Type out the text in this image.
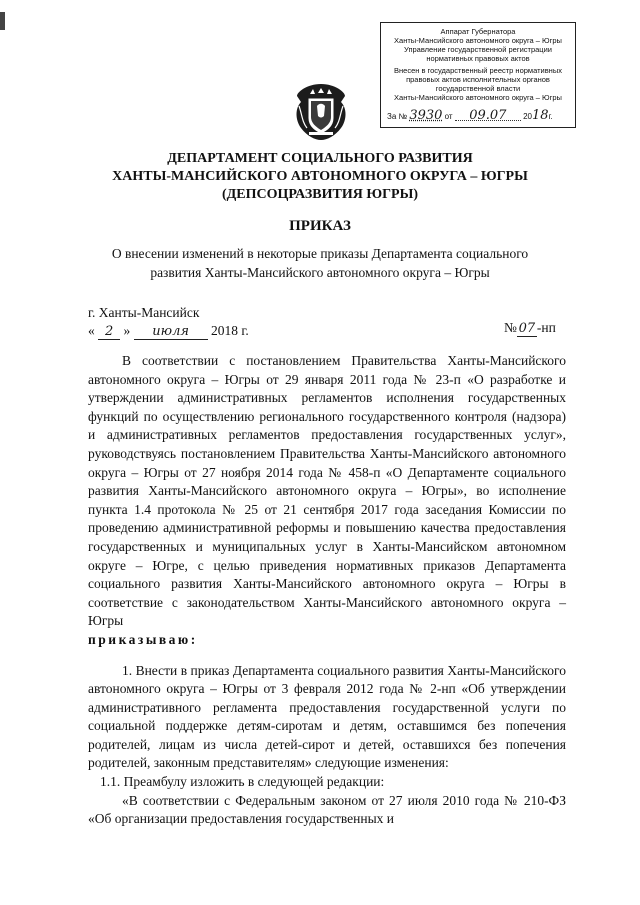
Аппарат Губернатора
Ханты-Мансийского автономного округа – Югры
Управление государственной регистрации
нормативных правовых актов
Внесен в государственный реестр нормативных
правовых актов исполнительных органов
государственной власти
Ханты-Мансийского автономного округа – Югры
За № 3930 от 09.07 2018г.
ДЕПАРТАМЕНТ СОЦИАЛЬНОГО РАЗВИТИЯ
ХАНТЫ-МАНСИЙСКОГО АВТОНОМНОГО ОКРУГА – ЮГРЫ
(ДЕПСОЦРАЗВИТИЯ ЮГРЫ)
ПРИКАЗ
О внесении изменений в некоторые приказы Департамента социального
развития Ханты-Мансийского автономного округа – Югры
г. Ханты-Мансийск
« 2 » июля 2018 г.	№ 07 -нп

В соответствии с постановлением Правительства Ханты-Мансийского автономного округа – Югры от 29 января 2011 года № 23-п «О разработке и утверждении административных регламентов исполнения государственных функций по осуществлению регионального государственного контроля (надзора) и административных регламентов предоставления государственных услуг», руководствуясь постановлением Правительства Ханты-Мансийского автономного округа – Югры от 27 ноября 2014 года № 458-п «О Департаменте социального развития Ханты-Мансийского автономного округа – Югры», во исполнение пункта 1.4 протокола № 25 от 21 сентября 2017 года заседания Комиссии по проведению административной реформы и повышению качества предоставления государственных и муниципальных услуг в Ханты-Мансийском автономном округе – Югре, с целью приведения нормативных приказов Департамента социального развития Ханты-Мансийского автономного округа – Югры в соответствие с законодательством Ханты-Мансийского автономного округа – Югры

приказываю:

1. Внести в приказ Департамента социального развития Ханты-Мансийского автономного округа – Югры от 3 февраля 2012 года № 2-нп «Об утверждении административного регламента предоставления государственной услуги по социальной поддержке детям-сиротам и детям, оставшимся без попечения родителей, лицам из числа детей-сирот и детей, оставшихся без попечения родителей, законным представителям» следующие изменения:

1.1. Преамбулу изложить в следующей редакции:

«В соответствии с Федеральным законом от 27 июля 2010 года № 210-ФЗ «Об организации предоставления государственных и
